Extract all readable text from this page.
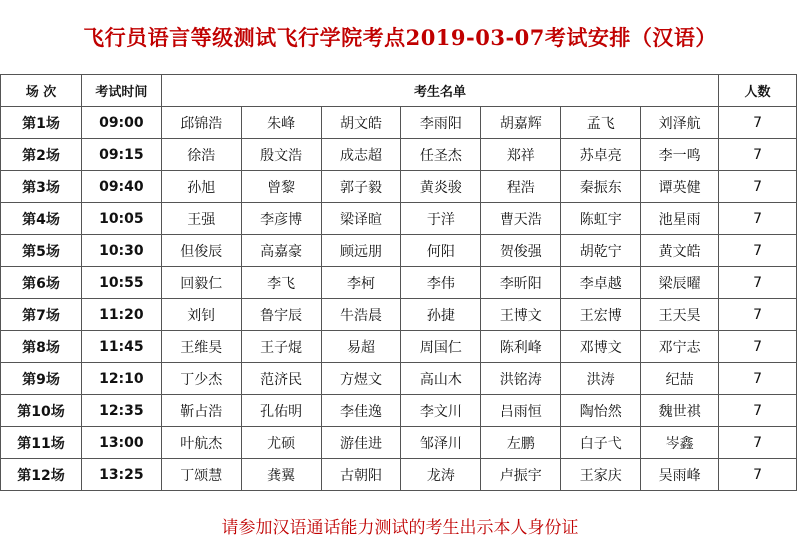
飞行员语言等级测试飞行学院考点2019-03-07考试安排（汉语）
场 次	考试时间	考生名单							人数
第1场	09:00	邱锦浩	朱峰	胡文皓	李雨阳	胡嘉辉	孟飞	刘泽航	7
第2场	09:15	徐浩	殷文浩	成志超	任圣杰	郑祥	苏卓亮	李一鸣	7
第3场	09:40	孙旭	曾黎	郭子毅	黄炎骏	程浩	秦振东	谭英健	7
第4场	10:05	王强	李彦博	梁译暄	于洋	曹天浩	陈虹宇	池星雨	7
第5场	10:30	但俊辰	高嘉豪	顾远朋	何阳	贺俊强	胡乾宁	黄文皓	7
第6场	10:55	回毅仁	李飞	李柯	李伟	李昕阳	李卓越	梁辰曜	7
第7场	11:20	刘钊	鲁宇辰	牛浩晨	孙捷	王博文	王宏博	王天昊	7
第8场	11:45	王维昊	王子焜	易超	周国仁	陈利峰	邓博文	邓宁志	7
第9场	12:10	丁少杰	范济民	方煜文	高山木	洪铭涛	洪涛	纪喆	7
第10场	12:35	靳占浩	孔佑明	李佳逸	李文川	吕雨恒	陶怡然	魏世祺	7
第11场	13:00	叶航杰	尤硕	游佳进	邹泽川	左鹏	白子弋	岑鑫	7
第12场	13:25	丁颂慧	龚翼	古朝阳	龙涛	卢振宇	王家庆	吴雨峰	7
请参加汉语通话能力测试的考生出示本人身份证
